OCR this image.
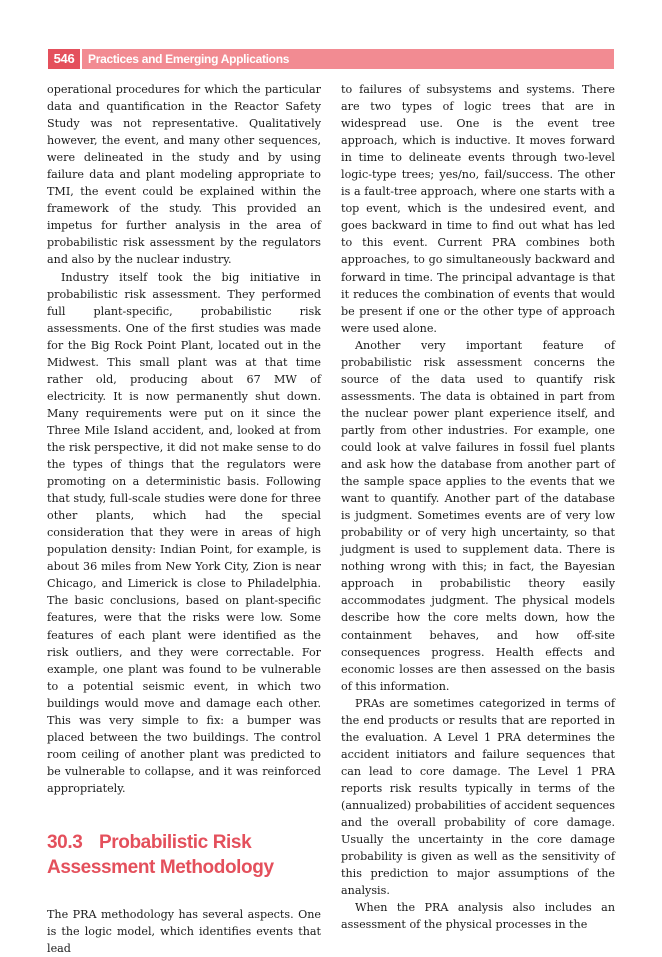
546	Practices and Emerging Applications

operational procedures for which the particular data and quantification in the Reactor Safety Study was not representative. Qualitatively however, the event, and many other sequences, were delineated in the study and by using failure data and plant modeling appropriate to TMI, the event could be explained within the framework of the study. This provided an impetus for further analysis in the area of probabilistic risk assessment by the regulators and also by the nuclear industry.

Industry itself took the big initiative in probabilistic risk assessment. They performed full plant-specific, probabilistic risk assessments. One of the first studies was made for the Big Rock Point Plant, located out in the Midwest. This small plant was at that time rather old, producing about 67 MW of electricity. It is now permanently shut down. Many requirements were put on it since the Three Mile Island accident, and, looked at from the risk perspective, it did not make sense to do the types of things that the regulators were promoting on a deterministic basis. Following that study, full-scale studies were done for three other plants, which had the special consideration that they were in areas of high population density: Indian Point, for example, is about 36 miles from New York City, Zion is near Chicago, and Limerick is close to Philadelphia. The basic conclusions, based on plant-specific features, were that the risks were low. Some features of each plant were identified as the risk outliers, and they were correctable. For example, one plant was found to be vulnerable to a potential seismic event, in which two buildings would move and damage each other. This was very simple to fix: a bumper was placed between the two buildings. The control room ceiling of another plant was predicted to be vulnerable to collapse, and it was reinforced appropriately.

30.3 Probabilistic Risk
Assessment Methodology

The PRA methodology has several aspects. One is the logic model, which identifies events that lead

to failures of subsystems and systems. There are two types of logic trees that are in widespread use. One is the event tree approach, which is inductive. It moves forward in time to delineate events through two-level logic-type trees; yes/no, fail/success. The other is a fault-tree approach, where one starts with a top event, which is the undesired event, and goes backward in time to find out what has led to this event. Current PRA combines both approaches, to go simultaneously backward and forward in time. The principal advantage is that it reduces the combination of events that would be present if one or the other type of approach were used alone.

Another very important feature of probabilistic risk assessment concerns the source of the data used to quantify risk assessments. The data is obtained in part from the nuclear power plant experience itself, and partly from other industries. For example, one could look at valve failures in fossil fuel plants and ask how the database from another part of the sample space applies to the events that we want to quantify. Another part of the database is judgment. Sometimes events are of very low probability or of very high uncertainty, so that judgment is used to supplement data. There is nothing wrong with this; in fact, the Bayesian approach in probabilistic theory easily accommodates judgment. The physical models describe how the core melts down, how the containment behaves, and how off-site consequences progress. Health effects and economic losses are then assessed on the basis of this information.

PRAs are sometimes categorized in terms of the end products or results that are reported in the evaluation. A Level 1 PRA determines the accident initiators and failure sequences that can lead to core damage. The Level 1 PRA reports risk results typically in terms of the (annualized) probabilities of accident sequences and the overall probability of core damage. Usually the uncertainty in the core damage probability is given as well as the sensitivity of this prediction to major assumptions of the analysis.

When the PRA analysis also includes an assessment of the physical processes in the
